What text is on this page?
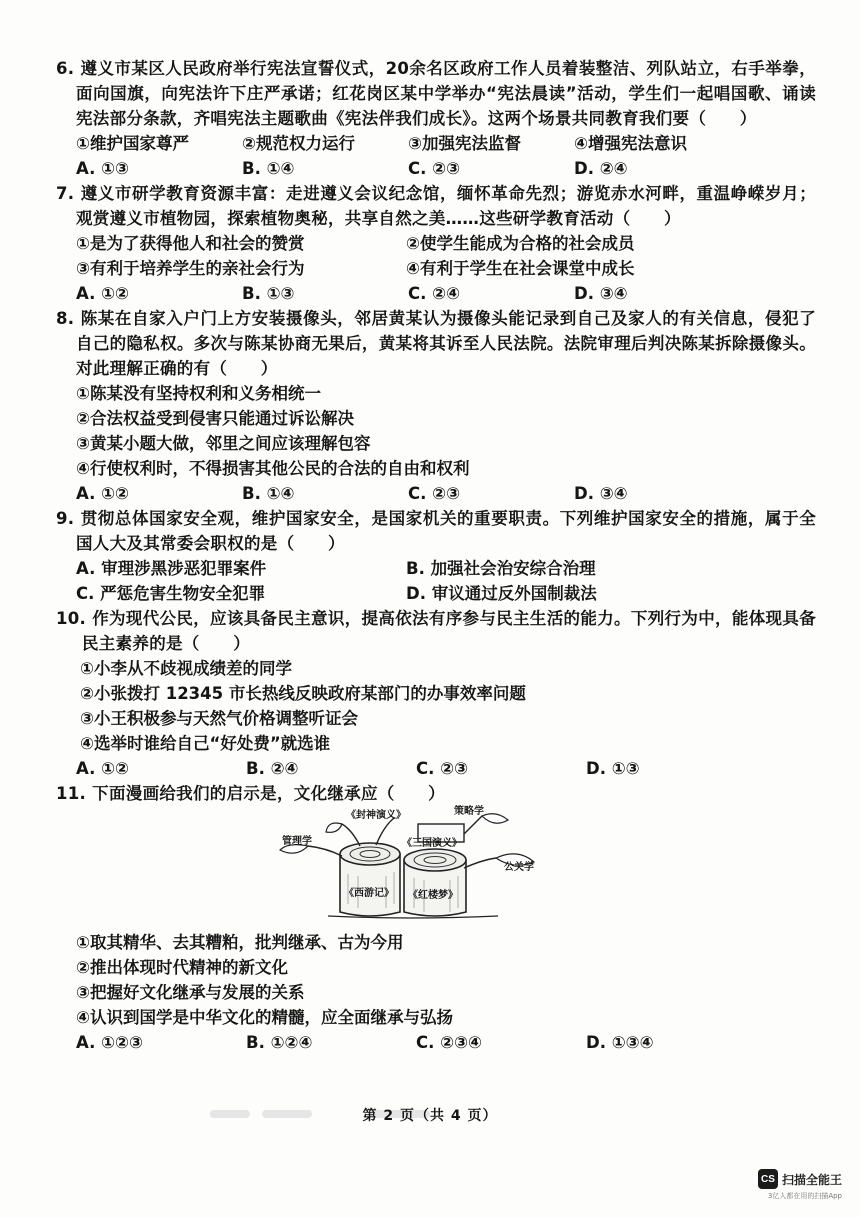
6. 遵义市某区人民政府举行宪法宣誓仪式，20余名区政府工作人员着装整洁、列队站立，右手举拳，面向国旗，向宪法许下庄严承诺；红花岗区某中学举办“宪法晨读”活动，学生们一起唱国歌、诵读宪法部分条款，齐唱宪法主题歌曲《宪法伴我们成长》。这两个场景共同教育我们要（　　）

①维护国家尊严	②规范权力运行	③加强宪法监督	④增强宪法意识
A. ①③	B. ①④	C. ②③	D. ②④

7. 遵义市研学教育资源丰富：走进遵义会议纪念馆，缅怀革命先烈；游览赤水河畔，重温峥嵘岁月；观赏遵义市植物园，探索植物奥秘，共享自然之美……这些研学教育活动（　　）

①是为了获得他人和社会的赞赏	②使学生能成为合格的社会成员
③有利于培养学生的亲社会行为	④有利于学生在社会课堂中成长
A. ①②	B. ①③	C. ②④	D. ③④

8. 陈某在自家入户门上方安装摄像头，邻居黄某认为摄像头能记录到自己及家人的有关信息，侵犯了自己的隐私权。多次与陈某协商无果后，黄某将其诉至人民法院。法院审理后判决陈某拆除摄像头。对此理解正确的有（　　）

①陈某没有坚持权利和义务相统一
②合法权益受到侵害只能通过诉讼解决
③黄某小题大做，邻里之间应该理解包容
④行使权利时，不得损害其他公民的合法的自由和权利
A. ①②	B. ①④	C. ②③	D. ③④

9. 贯彻总体国家安全观，维护国家安全，是国家机关的重要职责。下列维护国家安全的措施，属于全国人大及其常委会职权的是（　　）

A. 审理涉黑涉恶犯罪案件	B. 加强社会治安综合治理
C. 严惩危害生物安全犯罪	D. 审议通过反外国制裁法

10. 作为现代公民，应该具备民主意识，提高依法有序参与民主生活的能力。下列行为中，能体现具备民主素养的是（　　）

①小李从不歧视成绩差的同学
②小张拨打 12345 市长热线反映政府某部门的办事效率问题
③小王积极参与天然气价格调整听证会
④选举时谁给自己“好处费”就选谁
A. ①②	B. ②④	C. ②③	D. ①③

11. 下面漫画给我们的启示是，文化继承应（　　）

《封神演义》	策略学
管理学	《三国演义》
公关学
《西游记》 《红楼梦》
①取其精华、去其糟粕，批判继承、古为今用
②推出体现时代精神的新文化
③把握好文化继承与发展的关系
④认识到国学是中华文化的精髓，应全面继承与弘扬
A. ①②③	B. ①②④	C. ②③④	D. ①③④
第 2 页（共 4 页）
CS 扫描全能王
3亿人都在用的扫描App
